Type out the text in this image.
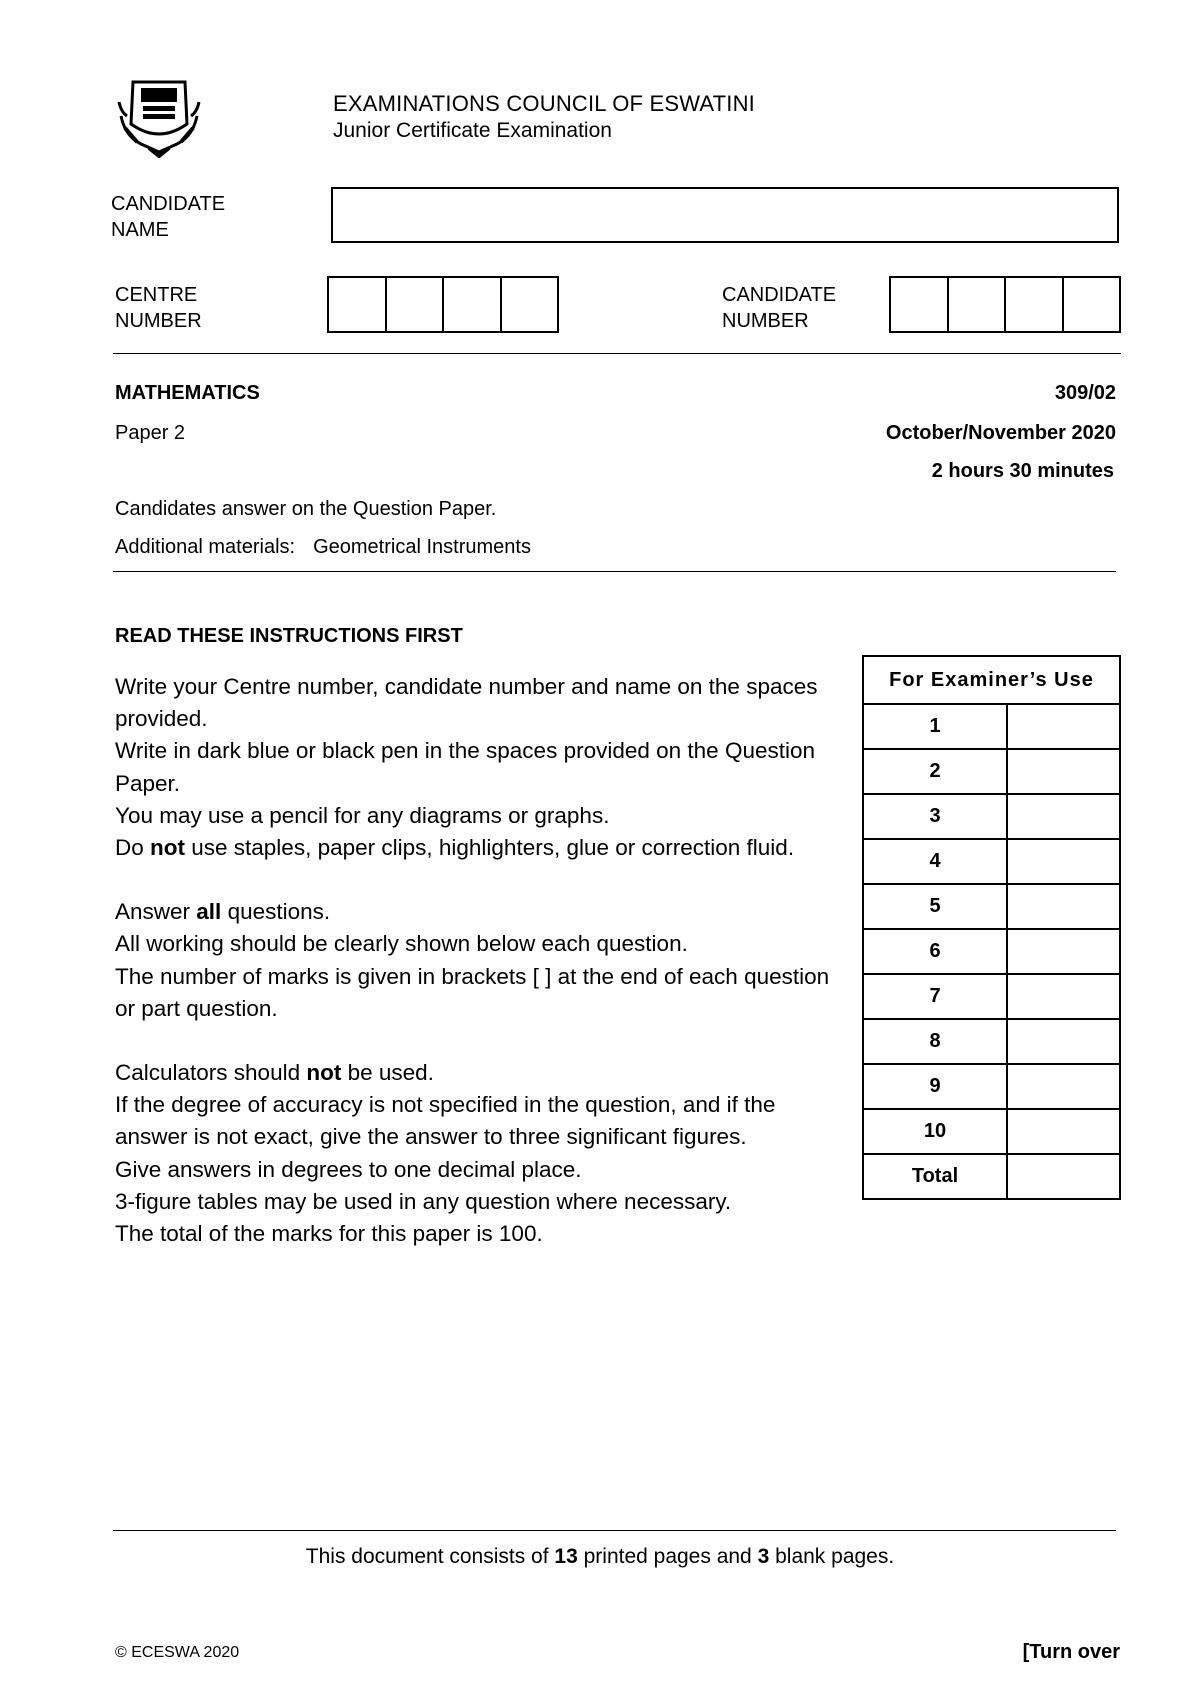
EXAMINATIONS COUNCIL OF ESWATINI
Junior Certificate Examination
CANDIDATE
NAME
CENTRE
NUMBER
CANDIDATE
NUMBER
MATHEMATICS	309/02
Paper 2	October/November 2020
2 hours 30 minutes
Candidates answer on the Question Paper.
Additional materials: Geometrical Instruments
READ THESE INSTRUCTIONS FIRST

Write your Centre number, candidate number and name on the spaces provided.

Write in dark blue or black pen in the spaces provided on the Question Paper.

You may use a pencil for any diagrams or graphs.

Do not use staples, paper clips, highlighters, glue or correction fluid.

Answer all questions.

All working should be clearly shown below each question.

The number of marks is given in brackets [ ] at the end of each question or part question.

Calculators should not be used.

If the degree of accuracy is not specified in the question, and if the answer is not exact, give the answer to three significant figures.

Give answers in degrees to one decimal place.

3-figure tables may be used in any question where necessary.

The total of the marks for this paper is 100.

For Examiner’s Use	
1	
2	
3	
4	
5	
6	
7	
8	
9	
10	
Total	
This document consists of 13 printed pages and 3 blank pages.
© ECESWA 2020	[Turn over
